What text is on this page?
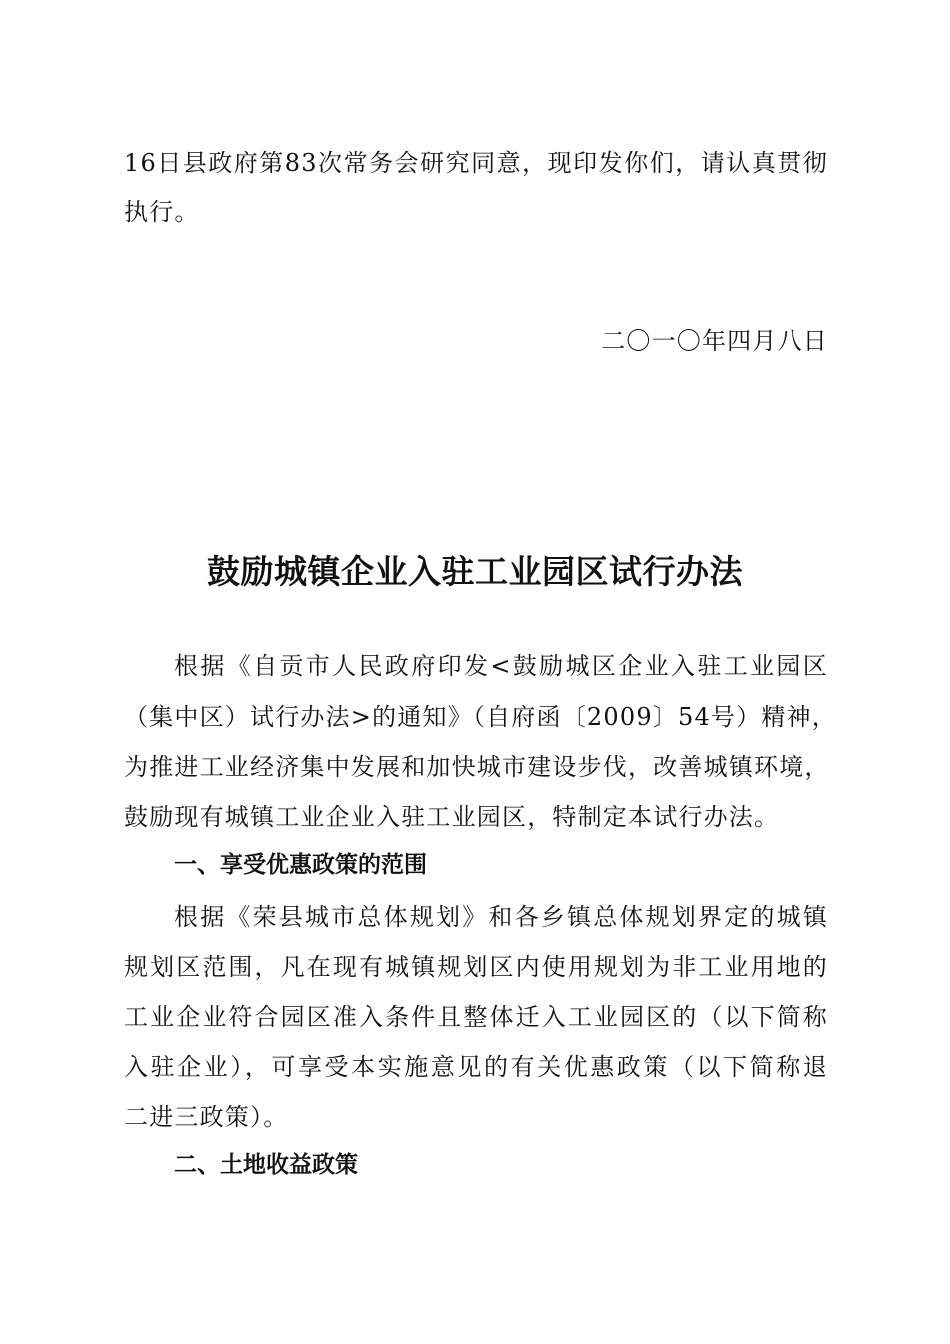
16日县政府第83次常务会研究同意，现印发你们，请认真贯彻
执行。
二〇一〇年四月八日
鼓励城镇企业入驻工业园区试行办法
根据《自贡市人民政府印发<鼓励城区企业入驻工业园区
（集中区）试行办法>的通知》（自府函〔2009〕54号）精神，
为推进工业经济集中发展和加快城市建设步伐，改善城镇环境，
鼓励现有城镇工业企业入驻工业园区，特制定本试行办法。
一、享受优惠政策的范围
根据《荣县城市总体规划》和各乡镇总体规划界定的城镇
规划区范围，凡在现有城镇规划区内使用规划为非工业用地的
工业企业符合园区准入条件且整体迁入工业园区的（以下简称
入驻企业），可享受本实施意见的有关优惠政策（以下简称退
二进三政策）。
二、土地收益政策
